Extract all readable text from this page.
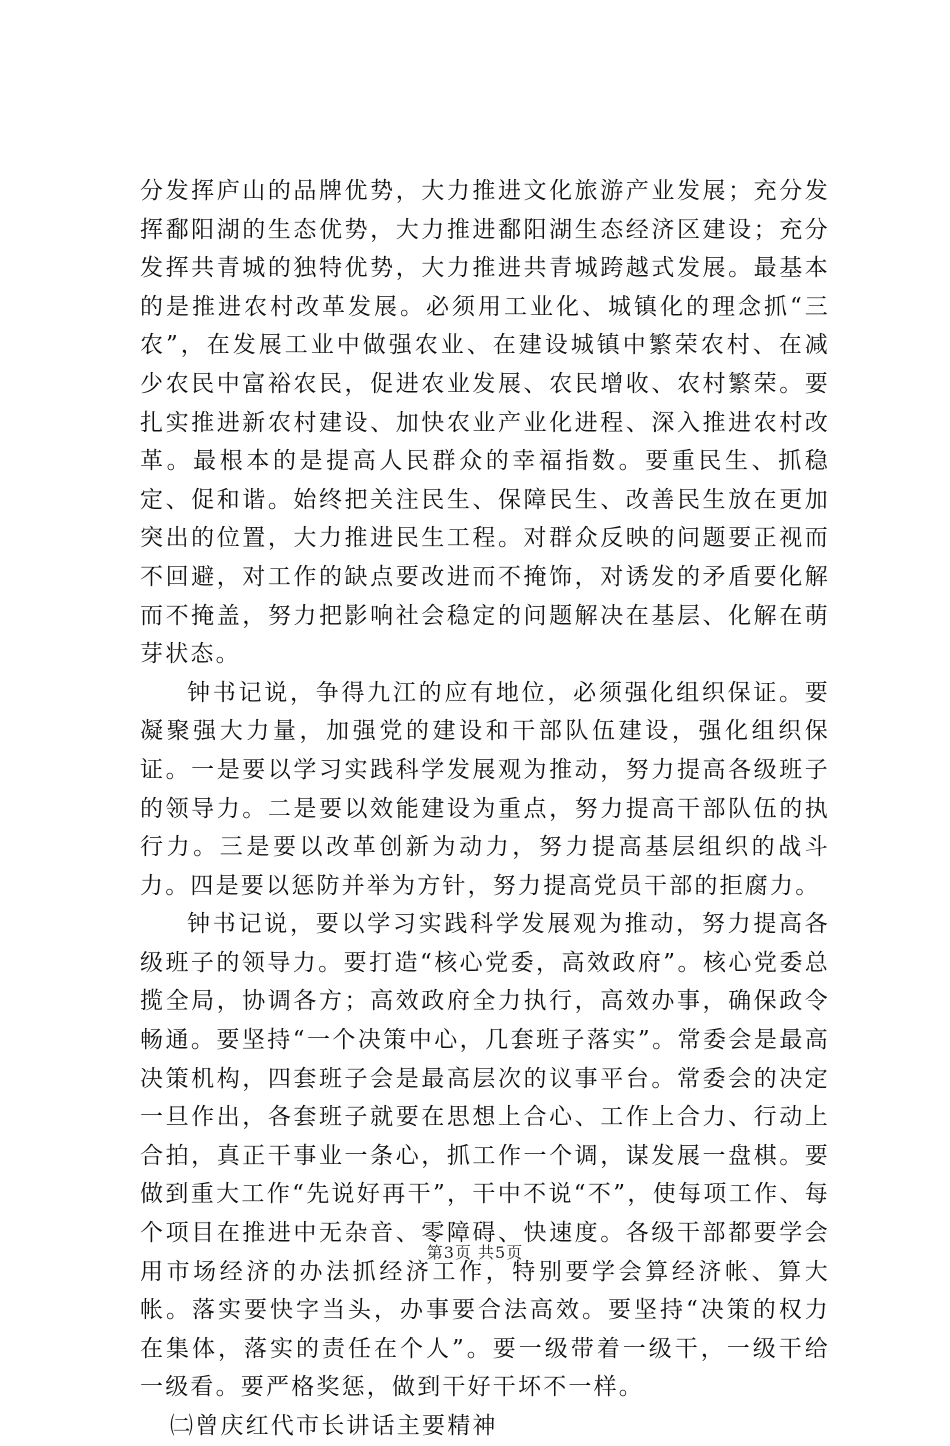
分发挥庐山的品牌优势，大力推进文化旅游产业发展；充分发挥鄱阳湖的生态优势，大力推进鄱阳湖生态经济区建设；充分发挥共青城的独特优势，大力推进共青城跨越式发展。最基本的是推进农村改革发展。必须用工业化、城镇化的理念抓“三农”，在发展工业中做强农业、在建设城镇中繁荣农村、在减少农民中富裕农民，促进农业发展、农民增收、农村繁荣。要扎实推进新农村建设、加快农业产业化进程、深入推进农村改革。最根本的是提高人民群众的幸福指数。要重民生、抓稳定、促和谐。始终把关注民生、保障民生、改善民生放在更加突出的位置，大力推进民生工程。对群众反映的问题要正视而不回避，对工作的缺点要改进而不掩饰，对诱发的矛盾要化解而不掩盖，努力把影响社会稳定的问题解决在基层、化解在萌芽状态。

钟书记说，争得九江的应有地位，必须强化组织保证。要凝聚强大力量，加强党的建设和干部队伍建设，强化组织保证。一是要以学习实践科学发展观为推动，努力提高各级班子的领导力。二是要以效能建设为重点，努力提高干部队伍的执行力。三是要以改革创新为动力，努力提高基层组织的战斗力。四是要以惩防并举为方针，努力提高党员干部的拒腐力。

钟书记说，要以学习实践科学发展观为推动，努力提高各级班子的领导力。要打造“核心党委，高效政府”。核心党委总揽全局，协调各方；高效政府全力执行，高效办事，确保政令畅通。要坚持“一个决策中心，几套班子落实”。常委会是最高决策机构，四套班子会是最高层次的议事平台。常委会的决定一旦作出，各套班子就要在思想上合心、工作上合力、行动上合拍，真正干事业一条心，抓工作一个调，谋发展一盘棋。要做到重大工作“先说好再干”，干中不说“不”，使每项工作、每个项目在推进中无杂音、零障碍、快速度。各级干部都要学会用市场经济的办法抓经济工作，特别要学会算经济帐、算大帐。落实要快字当头，办事要合法高效。要坚持“决策的权力在集体，落实的责任在个人”。要一级带着一级干，一级干给一级看。要严格奖惩，做到干好干坏不一样。

㈡曾庆红代市长讲话主要精神

第3页 共5页
